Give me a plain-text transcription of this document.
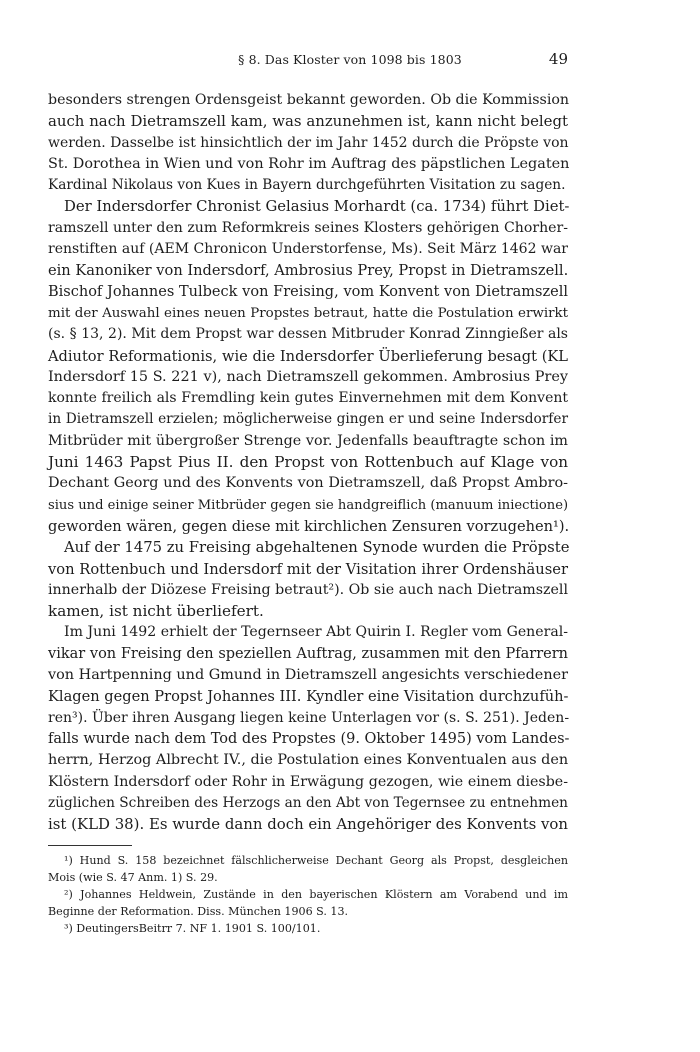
§ 8. Das Kloster von 1098 bis 1803	49
besonders strengen Ordensgeist bekannt geworden. Ob die Kommission
auch nach Dietramszell kam, was anzunehmen ist, kann nicht belegt
werden. Dasselbe ist hinsichtlich der im Jahr 1452 durch die Pröpste von
St. Dorothea in Wien und von Rohr im Auftrag des päpstlichen Legaten
Kardinal Nikolaus von Kues in Bayern durchgeführten Visitation zu sagen.
Der Indersdorfer Chronist Gelasius Morhardt (ca. 1734) führt Diet-
ramszell unter den zum Reformkreis seines Klosters gehörigen Chorher-
renstiften auf (AEM Chronicon Understorfense, Ms). Seit März 1462 war
ein Kanoniker von Indersdorf, Ambrosius Prey, Propst in Dietramszell.
Bischof Johannes Tulbeck von Freising, vom Konvent von Dietramszell
mit der Auswahl eines neuen Propstes betraut, hatte die Postulation erwirkt
(s. § 13, 2). Mit dem Propst war dessen Mitbruder Konrad Zinngießer als
Adiutor Reformationis, wie die Indersdorfer Überlieferung besagt (KL
Indersdorf 15 S. 221 v), nach Dietramszell gekommen. Ambrosius Prey
konnte freilich als Fremdling kein gutes Einvernehmen mit dem Konvent
in Dietramszell erzielen; möglicherweise gingen er und seine Indersdorfer
Mitbrüder mit übergroßer Strenge vor. Jedenfalls beauftragte schon im
Juni 1463 Papst Pius II. den Propst von Rottenbuch auf Klage von
Dechant Georg und des Konvents von Dietramszell, daß Propst Ambro-
sius und einige seiner Mitbrüder gegen sie handgreiflich (manuum iniectione)
geworden wären, gegen diese mit kirchlichen Zensuren vorzugehen¹).
Auf der 1475 zu Freising abgehaltenen Synode wurden die Pröpste
von Rottenbuch und Indersdorf mit der Visitation ihrer Ordenshäuser
innerhalb der Diözese Freising betraut²). Ob sie auch nach Dietramszell
kamen, ist nicht überliefert.
Im Juni 1492 erhielt der Tegernseer Abt Quirin I. Regler vom General-
vikar von Freising den speziellen Auftrag, zusammen mit den Pfarrern
von Hartpenning und Gmund in Dietramszell angesichts verschiedener
Klagen gegen Propst Johannes III. Kyndler eine Visitation durchzufüh-
ren³). Über ihren Ausgang liegen keine Unterlagen vor (s. S. 251). Jeden-
falls wurde nach dem Tod des Propstes (9. Oktober 1495) vom Landes-
herrn, Herzog Albrecht IV., die Postulation eines Konventualen aus den
Klöstern Indersdorf oder Rohr in Erwägung gezogen, wie einem diesbe-
züglichen Schreiben des Herzogs an den Abt von Tegernsee zu entnehmen
ist (KLD 38). Es wurde dann doch ein Angehöriger des Konvents von
¹) Hund S. 158 bezeichnet fälschlicherweise Dechant Georg als Propst, desgleichen
Mois (wie S. 47 Anm. 1) S. 29.
²) Johannes Heldwein, Zustände in den bayerischen Klöstern am Vorabend und im
Beginne der Reformation. Diss. München 1906 S. 13.
³) DeutingersBeitrr 7. NF 1. 1901 S. 100/101.
